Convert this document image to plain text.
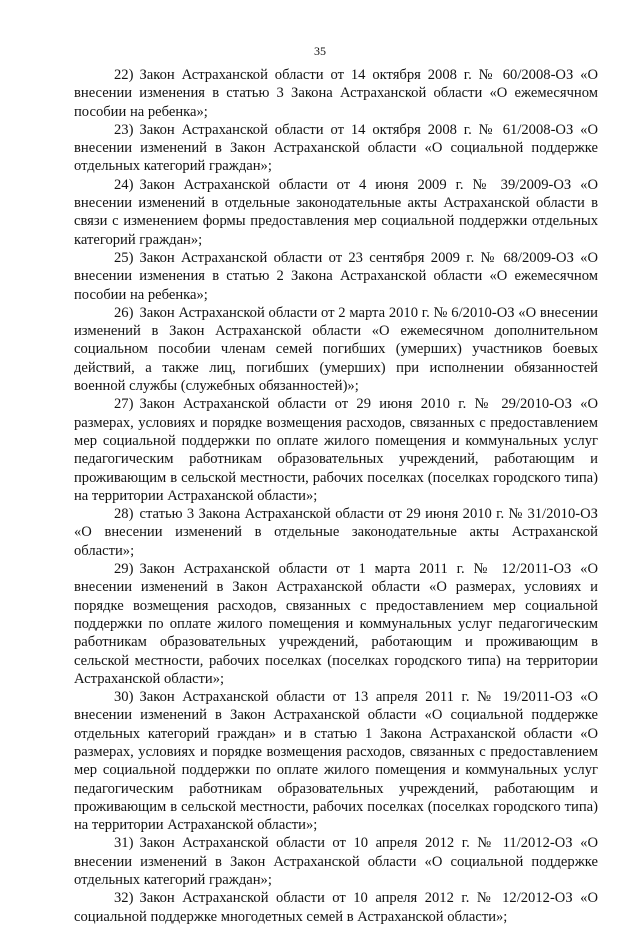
35

22) Закон Астраханской области от 14 октября 2008 г. № 60/2008-ОЗ «О внесении изменения в статью 3 Закона Астраханской области «О ежемесячном пособии на ребенка»;

23) Закон Астраханской области от 14 октября 2008 г. № 61/2008-ОЗ «О внесении изменений в Закон Астраханской области «О социальной поддержке отдельных категорий граждан»;

24) Закон Астраханской области от 4 июня 2009 г. № 39/2009-ОЗ «О внесении изменений в отдельные законодательные акты Астраханской области в связи с изменением формы предоставления мер социальной поддержки отдельных категорий граждан»;

25) Закон Астраханской области от 23 сентября 2009 г. № 68/2009-ОЗ «О внесении изменения в статью 2 Закона Астраханской области «О ежемесячном пособии на ребенка»;

26) Закон Астраханской области от 2 марта 2010 г. № 6/2010-ОЗ «О внесении изменений в Закон Астраханской области «О ежемесячном дополнительном социальном пособии членам семей погибших (умерших) участников боевых действий, а также лиц, погибших (умерших) при исполнении обязанностей военной службы (служебных обязанностей)»;

27) Закон Астраханской области от 29 июня 2010 г. № 29/2010-ОЗ «О размерах, условиях и порядке возмещения расходов, связанных с предоставлением мер социальной поддержки по оплате жилого помещения и коммунальных услуг педагогическим работникам образовательных учреждений, работающим и проживающим в сельской местности, рабочих поселках (поселках городского типа) на территории Астраханской области»;

28) статью 3 Закона Астраханской области от 29 июня 2010 г. № 31/2010-ОЗ «О внесении изменений в отдельные законодательные акты Астраханской области»;

29) Закон Астраханской области от 1 марта 2011 г. № 12/2011-ОЗ «О внесении изменений в Закон Астраханской области «О размерах, условиях и порядке возмещения расходов, связанных с предоставлением мер социальной поддержки по оплате жилого помещения и коммунальных услуг педагогическим работникам образовательных учреждений, работающим и проживающим в сельской местности, рабочих поселках (поселках городского типа) на территории Астраханской области»;

30) Закон Астраханской области от 13 апреля 2011 г. № 19/2011-ОЗ «О внесении изменений в Закон Астраханской области «О социальной поддержке отдельных категорий граждан» и в статью 1 Закона Астраханской области «О размерах, условиях и порядке возмещения расходов, связанных с предоставлением мер социальной поддержки по оплате жилого помещения и коммунальных услуг педагогическим работникам образовательных учреждений, работающим и проживающим в сельской местности, рабочих поселках (поселках городского типа) на территории Астраханской области»;

31) Закон Астраханской области от 10 апреля 2012 г. № 11/2012-ОЗ «О внесении изменений в Закон Астраханской области «О социальной поддержке отдельных категорий граждан»;

32) Закон Астраханской области от 10 апреля 2012 г. № 12/2012-ОЗ «О социальной поддержке многодетных семей в Астраханской области»;
